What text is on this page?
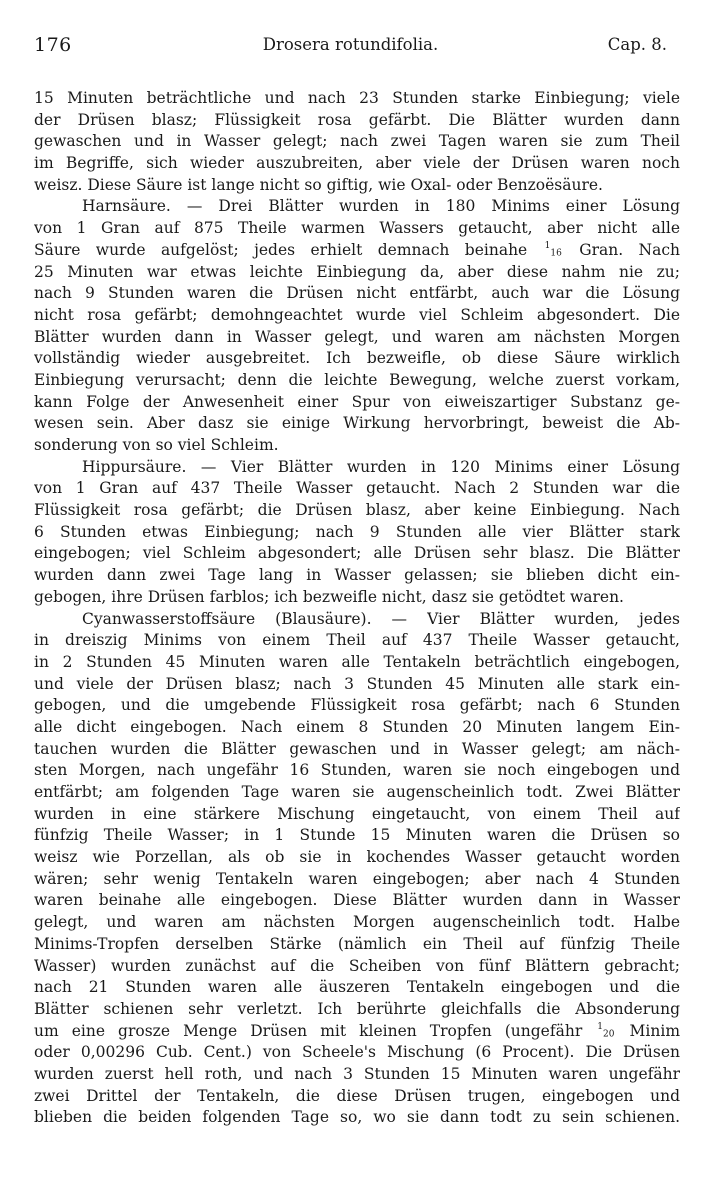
176	Drosera rotundifolia.	Cap. 8.
15 Minuten beträchtliche und nach 23 Stunden starke Einbiegung; viele
der Drüsen blasz; Flüssigkeit rosa gefärbt. Die Blätter wurden dann
gewaschen und in Wasser gelegt; nach zwei Tagen waren sie zum Theil
im Begriffe, sich wieder auszubreiten, aber viele der Drüsen waren noch
weisz. Diese Säure ist lange nicht so giftig, wie Oxal- oder Benzoësäure.
Harnsäure. — Drei Blätter wurden in 180 Minims einer Lösung
von 1 Gran auf 875 Theile warmen Wassers getaucht, aber nicht alle
Säure wurde aufgelöst; jedes erhielt demnach beinahe $^1_{16}$ Gran. Nach
25 Minuten war etwas leichte Einbiegung da, aber diese nahm nie zu;
nach 9 Stunden waren die Drüsen nicht entfärbt, auch war die Lösung
nicht rosa gefärbt; demohngeachtet wurde viel Schleim abgesondert. Die
Blätter wurden dann in Wasser gelegt, und waren am nächsten Morgen
vollständig wieder ausgebreitet. Ich bezweifle, ob diese Säure wirklich
Einbiegung verursacht; denn die leichte Bewegung, welche zuerst vorkam,
kann Folge der Anwesenheit einer Spur von eiweiszartiger Substanz ge-
wesen sein. Aber dasz sie einige Wirkung hervorbringt, beweist die Ab-
sonderung von so viel Schleim.
Hippursäure. — Vier Blätter wurden in 120 Minims einer Lösung
von 1 Gran auf 437 Theile Wasser getaucht. Nach 2 Stunden war die
Flüssigkeit rosa gefärbt; die Drüsen blasz, aber keine Einbiegung. Nach
6 Stunden etwas Einbiegung; nach 9 Stunden alle vier Blätter stark
eingebogen; viel Schleim abgesondert; alle Drüsen sehr blasz. Die Blätter
wurden dann zwei Tage lang in Wasser gelassen; sie blieben dicht ein-
gebogen, ihre Drüsen farblos; ich bezweifle nicht, dasz sie getödtet waren.
Cyanwasserstoffsäure (Blausäure). — Vier Blätter wurden, jedes
in dreiszig Minims von einem Theil auf 437 Theile Wasser getaucht,
in 2 Stunden 45 Minuten waren alle Tentakeln beträchtlich eingebogen,
und viele der Drüsen blasz; nach 3 Stunden 45 Minuten alle stark ein-
gebogen, und die umgebende Flüssigkeit rosa gefärbt; nach 6 Stunden
alle dicht eingebogen. Nach einem 8 Stunden 20 Minuten langem Ein-
tauchen wurden die Blätter gewaschen und in Wasser gelegt; am näch-
sten Morgen, nach ungefähr 16 Stunden, waren sie noch eingebogen und
entfärbt; am folgenden Tage waren sie augenscheinlich todt. Zwei Blätter
wurden in eine stärkere Mischung eingetaucht, von einem Theil auf
fünfzig Theile Wasser; in 1 Stunde 15 Minuten waren die Drüsen so
weisz wie Porzellan, als ob sie in kochendes Wasser getaucht worden
wären; sehr wenig Tentakeln waren eingebogen; aber nach 4 Stunden
waren beinahe alle eingebogen. Diese Blätter wurden dann in Wasser
gelegt, und waren am nächsten Morgen augenscheinlich todt. Halbe
Minims-Tropfen derselben Stärke (nämlich ein Theil auf fünfzig Theile
Wasser) wurden zunächst auf die Scheiben von fünf Blättern gebracht;
nach 21 Stunden waren alle äuszeren Tentakeln eingebogen und die
Blätter schienen sehr verletzt. Ich berührte gleichfalls die Absonderung
um eine grosze Menge Drüsen mit kleinen Tropfen (ungefähr $^1_{20}$ Minim
oder 0,00296 Cub. Cent.) von Scheele's Mischung (6 Procent). Die Drüsen
wurden zuerst hell roth, und nach 3 Stunden 15 Minuten waren ungefähr
zwei Drittel der Tentakeln, die diese Drüsen trugen, eingebogen und
blieben die beiden folgenden Tage so, wo sie dann todt zu sein schienen.
